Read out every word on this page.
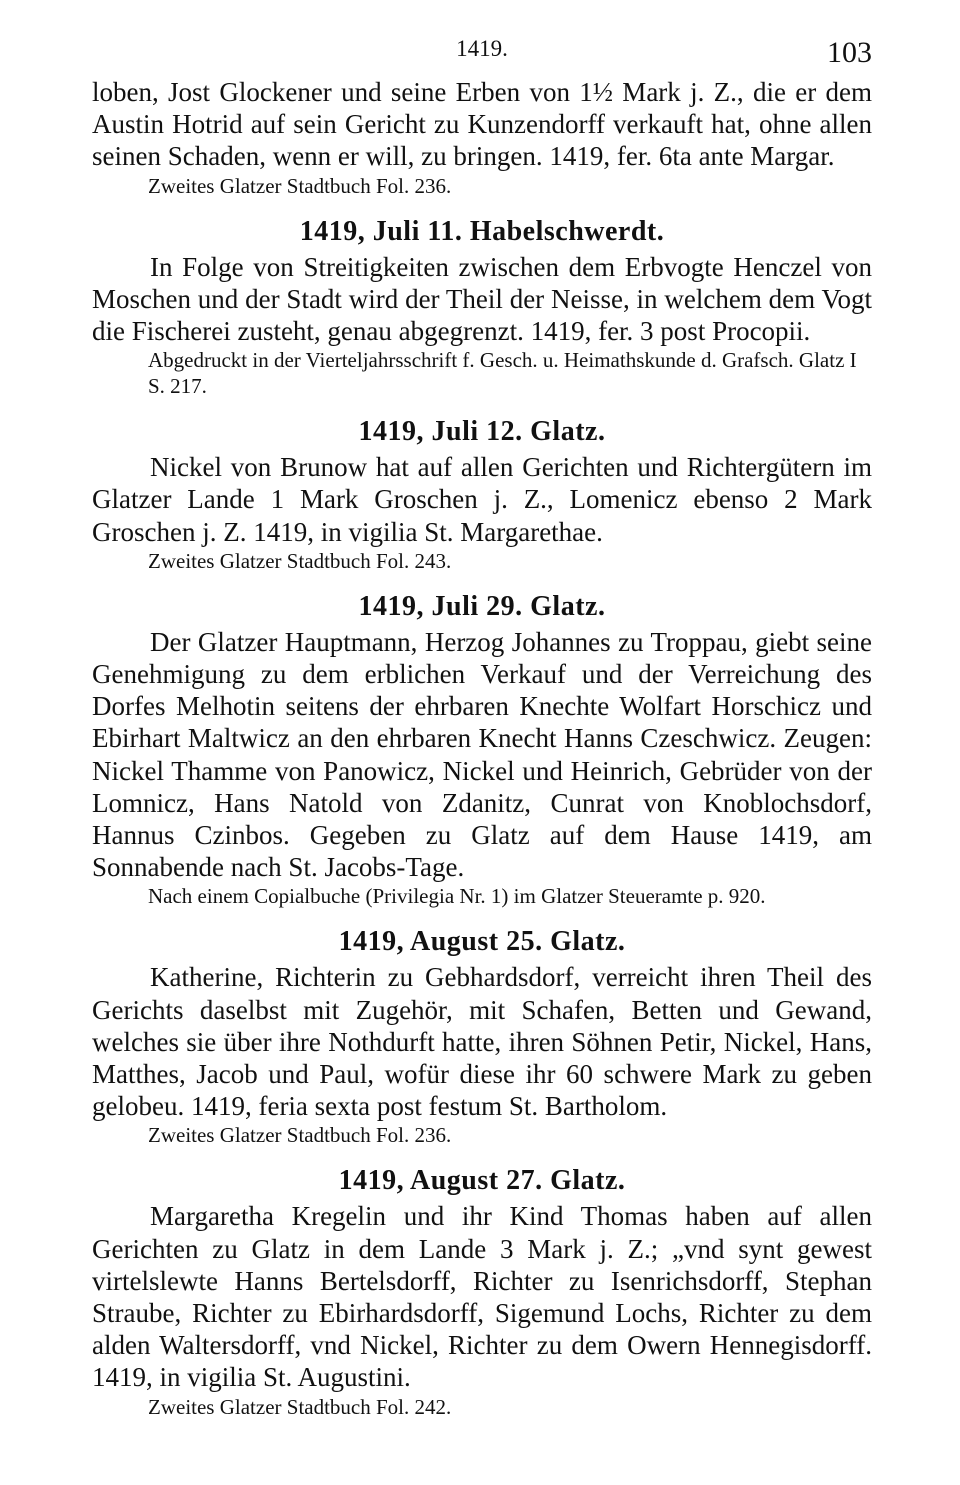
1419.	103

loben, Jost Glockener und seine Erben von 1½ Mark j. Z., die er dem Austin Hotrid auf sein Gericht zu Kunzendorff verkauft hat, ohne allen seinen Schaden, wenn er will, zu bringen. 1419, fer. 6ta ante Margar.

Zweites Glatzer Stadtbuch Fol. 236.

1419, Juli 11. Habelschwerdt.

In Folge von Streitigkeiten zwischen dem Erbvogte Henczel von Moschen und der Stadt wird der Theil der Neisse, in welchem dem Vogt die Fischerei zusteht, genau abgegrenzt. 1419, fer. 3 post Procopii.

Abgedruckt in der Vierteljahrsschrift f. Gesch. u. Heimathskunde d. Grafsch. Glatz I S. 217.

1419, Juli 12. Glatz.

Nickel von Brunow hat auf allen Gerichten und Richtergütern im Glatzer Lande 1 Mark Groschen j. Z., Lomenicz ebenso 2 Mark Groschen j. Z. 1419, in vigilia St. Margarethae.

Zweites Glatzer Stadtbuch Fol. 243.

1419, Juli 29. Glatz.

Der Glatzer Hauptmann, Herzog Johannes zu Troppau, giebt seine Genehmigung zu dem erblichen Verkauf und der Verreichung des Dorfes Melhotin seitens der ehrbaren Knechte Wolfart Horschicz und Ebirhart Maltwicz an den ehrbaren Knecht Hanns Czeschwicz. Zeugen: Nickel Thamme von Panowicz, Nickel und Heinrich, Gebrüder von der Lomnicz, Hans Natold von Zdanitz, Cunrat von Knoblochsdorf, Hannus Czinbos. Gegeben zu Glatz auf dem Hause 1419, am Sonnabende nach St. Jacobs-Tage.

Nach einem Copialbuche (Privilegia Nr. 1) im Glatzer Steueramte p. 920.

1419, August 25. Glatz.

Katherine, Richterin zu Gebhardsdorf, verreicht ihren Theil des Gerichts daselbst mit Zugehör, mit Schafen, Betten und Gewand, welches sie über ihre Nothdurft hatte, ihren Söhnen Petir, Nickel, Hans, Matthes, Jacob und Paul, wofür diese ihr 60 schwere Mark zu geben gelobeu. 1419, feria sexta post festum St. Bartholom.

Zweites Glatzer Stadtbuch Fol. 236.

1419, August 27. Glatz.

Margaretha Kregelin und ihr Kind Thomas haben auf allen Gerichten zu Glatz in dem Lande 3 Mark j. Z.; „vnd synt gewest virtelslewte Hanns Bertelsdorff, Richter zu Isenrichsdorff, Stephan Straube, Richter zu Ebirhardsdorff, Sigemund Lochs, Richter zu dem alden Waltersdorff, vnd Nickel, Richter zu dem Owern Hennegisdorff. 1419, in vigilia St. Augustini.

Zweites Glatzer Stadtbuch Fol. 242.
